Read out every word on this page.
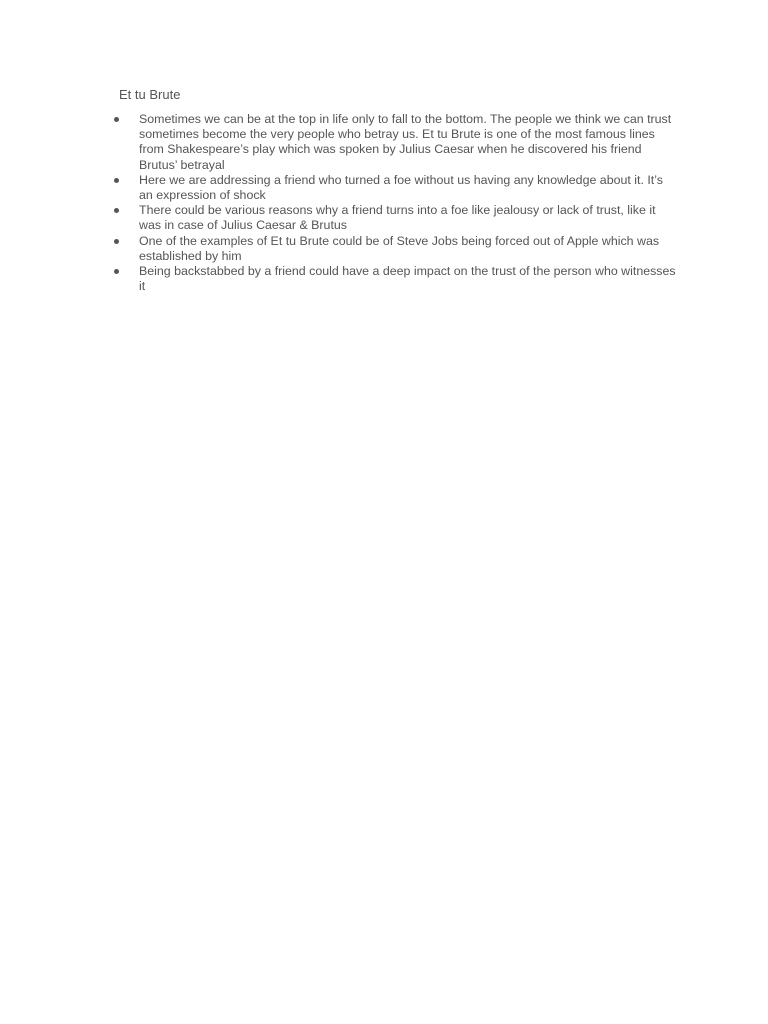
Et tu Brute
Sometimes we can be at the top in life only to fall to the bottom. The people we think we can trust sometimes become the very people who betray us. Et tu Brute is one of the most famous lines from Shakespeare’s play which was spoken by Julius Caesar when he discovered his friend Brutus’ betrayal
Here we are addressing a friend who turned a foe without us having any knowledge about it. It’s an expression of shock
There could be various reasons why a friend turns into a foe like jealousy or lack of trust, like it was in case of Julius Caesar & Brutus
One of the examples of Et tu Brute could be of Steve Jobs being forced out of Apple which was established by him
Being backstabbed by a friend could have a deep impact on the trust of the person who witnesses it
